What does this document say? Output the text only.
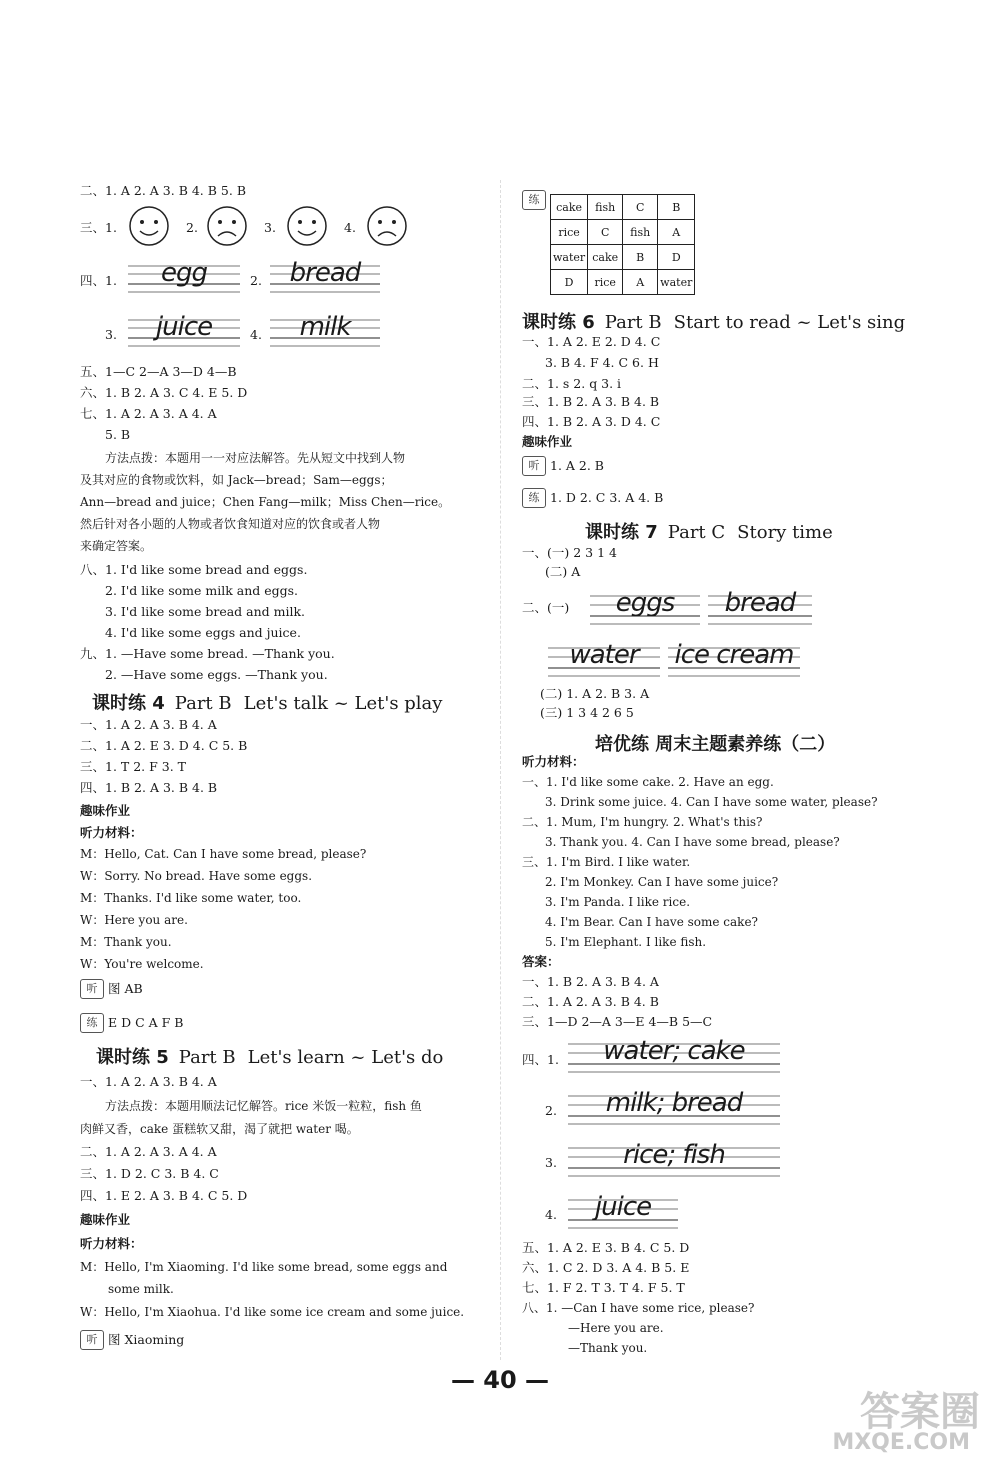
二、1. A 2. A 3. B 4. B 5. B
三、1.	2.	3.	4.
四、1.	egg	2.	bread
3.	juice	4.	milk
五、1—C 2—A 3—D 4—B
六、1. B 2. A 3. C 4. E 5. D
七、1. A 2. A 3. A 4. A
5. B
方法点拨：本题用一一对应法解答。先从短文中找到人物
及其对应的食物或饮料，如 Jack—bread；Sam—eggs；
Ann—bread and juice；Chen Fang—milk；Miss Chen—rice。
然后针对各小题的人物或者饮食知道对应的饮食或者人物
来确定答案。
八、1. I'd like some bread and eggs.
2. I'd like some milk and eggs.
3. I'd like some bread and milk.
4. I'd like some eggs and juice.
九、1. —Have some bread. —Thank you.
2. —Have some eggs. —Thank you.
课时练 4 Part B Let's talk ~ Let's play
一、1. A 2. A 3. B 4. A
二、1. A 2. E 3. D 4. C 5. B
三、1. T 2. F 3. T
四、1. B 2. A 3. B 4. B
趣味作业
听力材料：
M：Hello, Cat. Can I have some bread, please?
W：Sorry. No bread. Have some eggs.
M：Thanks. I'd like some water, too.
W：Here you are.
M：Thank you.
W：You're welcome.
听 图 AB
练 E D C A F B
课时练 5 Part B Let's learn ~ Let's do
一、1. A 2. A 3. B 4. A
方法点拨：本题用顺法记忆解答。rice 米饭一粒粒，fish 鱼
肉鲜又香，cake 蛋糕软又甜，渴了就把 water 喝。
二、1. A 2. A 3. A 4. A
三、1. D 2. C 3. B 4. C
四、1. E 2. A 3. B 4. C 5. D
趣味作业
听力材料：
M：Hello, I'm Xiaoming. I'd like some bread, some eggs and
some milk.
W：Hello, I'm Xiaohua. I'd like some ice cream and some juice.
听 图 Xiaoming
练
cake	fish	C	B
rice	C	fish	A
water	cake	B	D
D	rice	A	water
课时练 6 Part B Start to read ~ Let's sing
一、1. A 2. E 2. D 4. C
3. B 4. F 4. C 6. H
二、1. s 2. q 3. i
三、1. B 2. A 3. B 4. B
四、1. B 2. A 3. D 4. C
趣味作业
听 1. A 2. B
练 1. D 2. C 3. A 4. B
课时练 7 Part C Story time
一、(一) 2 3 1 4
(二) A
二、(一)	eggs	bread
water	ice cream
(二) 1. A 2. B 3. A
(三) 1 3 4 2 6 5
培优练 周末主题素养练（二）
听力材料：
一、1. I'd like some cake. 2. Have an egg.
3. Drink some juice. 4. Can I have some water, please?
二、1. Mum, I'm hungry. 2. What's this?
3. Thank you. 4. Can I have some bread, please?
三、1. I'm Bird. I like water.
2. I'm Monkey. Can I have some juice?
3. I'm Panda. I like rice.
4. I'm Bear. Can I have some cake?
5. I'm Elephant. I like fish.
答案：
一、1. B 2. A 3. B 4. A
二、1. A 2. A 3. B 4. B
三、1—D 2—A 3—E 4—B 5—C
四、1.	water; cake
2.	milk; bread
3.	rice; fish
4.	juice
五、1. A 2. E 3. B 4. C 5. D
六、1. C 2. D 3. A 4. B 5. E
七、1. F 2. T 3. T 4. F 5. T
八、1. —Can I have some rice, please?
—Here you are.
—Thank you.
— 40 —
答案圈
MXQE.COM
